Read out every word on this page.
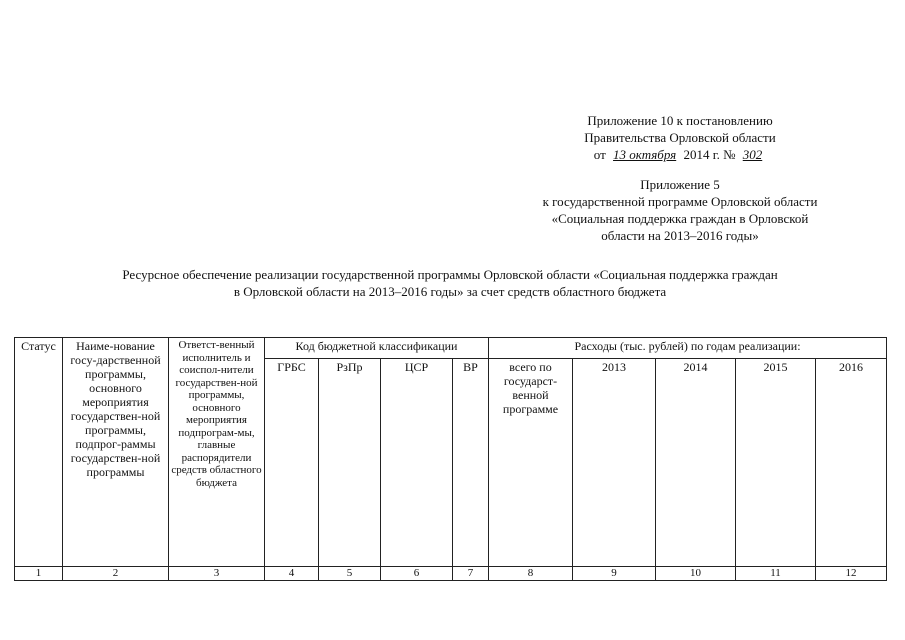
Приложение 10 к постановлению
Правительства Орловской области
от 13 октября 2014 г. № 302
Приложение 5
к государственной программе Орловской области
«Социальная поддержка граждан в Орловской
области на 2013–2016 годы»
Ресурсное обеспечение реализации государственной программы Орловской области «Социальная поддержка граждан
в Орловской области на 2013–2016 годы» за счет средств областного бюджета
Статус	Наиме-нование госу-дарственной программы, основного мероприятия государствен-ной программы, подпрог-раммы государствен-ной программы	Ответст-венный исполнитель и соиспол-нители государствен-ной программы, основного мероприятия подпрограм-мы, главные распорядители средств областного бюджета	Код бюджетной классификации				Расходы (тыс. рублей) по годам реализации:				
			ГРБС	РзПр	ЦСР	ВР	всего по государст-венной программе	2013	2014	2015	2016
1	2	3	4	5	6	7	8	9	10	11	12
